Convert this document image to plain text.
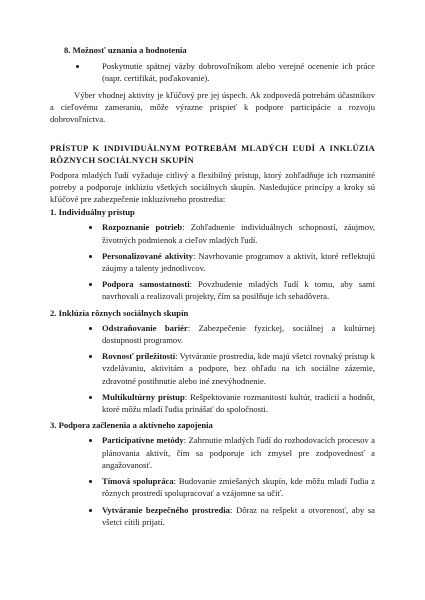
8. Možnosť uznania a hodnotenia
Poskytnutie spätnej väzby dobrovoľníkom alebo verejné ocenenie ich práce (napr. certifikát, poďakovanie).

Výber vhodnej aktivity je kľúčový pre jej úspech. Ak zodpovedá potrebám účastníkov a cieľovému zameraniu, môže výrazne prispieť k podpore participácie a rozvoju dobrovoľníctva.

PRÍSTUP K INDIVIDUÁLNYM POTREBÁM MLADÝCH ĽUDÍ A INKLÚZIA
RÔZNYCH SOCIÁLNYCH SKUPÍN

Podpora mladých ľudí vyžaduje citlivý a flexibilný prístup, ktorý zohľadňuje ich rozmanité potreby a podporuje inklúziu všetkých sociálnych skupín. Nasledujúce princípy a kroky sú kľúčové pre zabezpečenie inkluzívneho prostredia:

1. Individuálny prístup
Rozpoznanie potrieb: Zohľadnenie individuálnych schopností, záujmov, životných podmienok a cieľov mladých ľudí.
Personalizované aktivity: Navrhovanie programov a aktivít, ktoré reflektujú záujmy a talenty jednotlivcov.
Podpora samostatnosti: Povzbudenie mladých ľudí k tomu, aby sami navrhovali a realizovali projekty, čím sa posilňuje ich sebadôvera.
2. Inklúzia rôznych sociálnych skupín
Odstraňovanie bariér: Zabezpečenie fyzickej, sociálnej a kultúrnej dostupnosti programov.
Rovnosť príležitostí: Vytváranie prostredia, kde majú všetci rovnaký prístup k vzdelávaniu, aktivitám a podpore, bez ohľadu na ich sociálne zázemie, zdravotné postihnutie alebo iné znevýhodnenie.
Multikultúrny prístup: Rešpektovanie rozmanitosti kultúr, tradícií a hodnôt, ktoré môžu mladí ľudia prinášať do spoločnosti.
3. Podpora začlenenia a aktívneho zapojenia
Participatívne metódy: Zahrnutie mladých ľudí do rozhodovacích procesov a plánovania aktivít, čím sa podporuje ich zmysel pre zodpovednosť a angažovanosť.
Tímová spolupráca: Budovanie zmiešaných skupín, kde môžu mladí ľudia z rôznych prostredí spolupracovať a vzájomne sa učiť.
Vytváranie bezpečného prostredia: Dôraz na rešpekt a otvorenosť, aby sa všetci cítili prijatí.
